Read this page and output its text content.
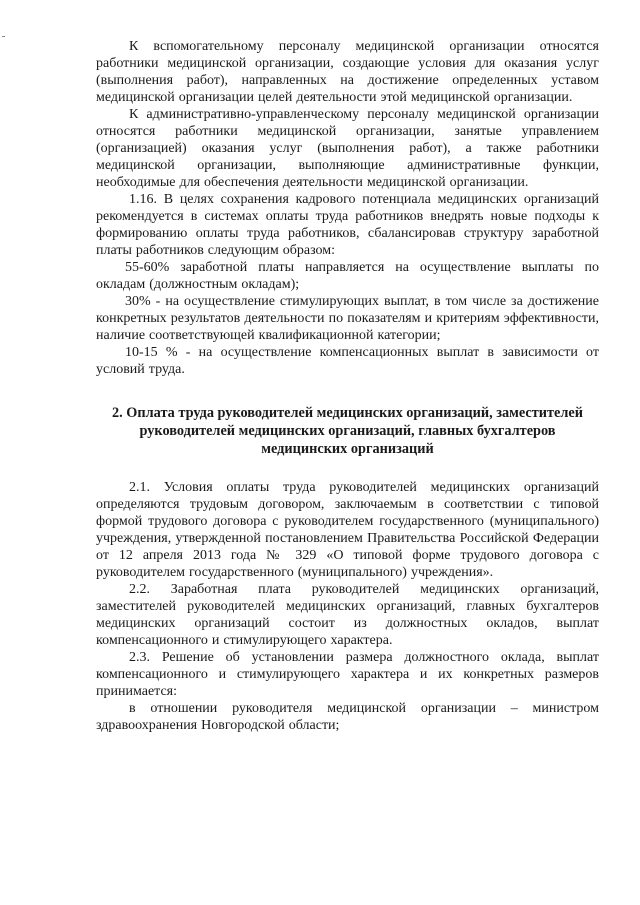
К вспомогательному персоналу медицинской организации относятся работники медицинской организации, создающие условия для оказания услуг (выполнения работ), направленных на достижение определенных уставом медицинской организации целей деятельности этой медицинской организации.

К административно-управленческому персоналу медицинской организации относятся работники медицинской организации, занятые управлением (организацией) оказания услуг (выполнения работ), а также работники медицинской организации, выполняющие административные функции, необходимые для обеспечения деятельности медицинской организации.

1.16. В целях сохранения кадрового потенциала медицинских организаций рекомендуется в системах оплаты труда работников внедрять новые подходы к формированию оплаты труда работников, сбалансировав структуру заработной платы работников следующим образом:

55-60% заработной платы направляется на осуществление выплаты по окладам (должностным окладам);

30% - на осуществление стимулирующих выплат, в том числе за достижение конкретных результатов деятельности по показателям и критериям эффективности, наличие соответствующей квалификационной категории;

10-15 % - на осуществление компенсационных выплат в зависимости от условий труда.

2. Оплата труда руководителей медицинских организаций, заместителей руководителей медицинских организаций, главных бухгалтеров медицинских организаций

2.1. Условия оплаты труда руководителей медицинских организаций определяются трудовым договором, заключаемым в соответствии с типовой формой трудового договора с руководителем государственного (муниципального) учреждения, утвержденной постановлением Правительства Российской Федерации от 12 апреля 2013 года № 329 «О типовой форме трудового договора с руководителем государственного (муниципального) учреждения».

2.2. Заработная плата руководителей медицинских организаций, заместителей руководителей медицинских организаций, главных бухгалтеров медицинских организаций состоит из должностных окладов, выплат компенсационного и стимулирующего характера.

2.3. Решение об установлении размера должностного оклада, выплат компенсационного и стимулирующего характера и их конкретных размеров принимается:

в отношении руководителя медицинской организации – министром здравоохранения Новгородской области;
